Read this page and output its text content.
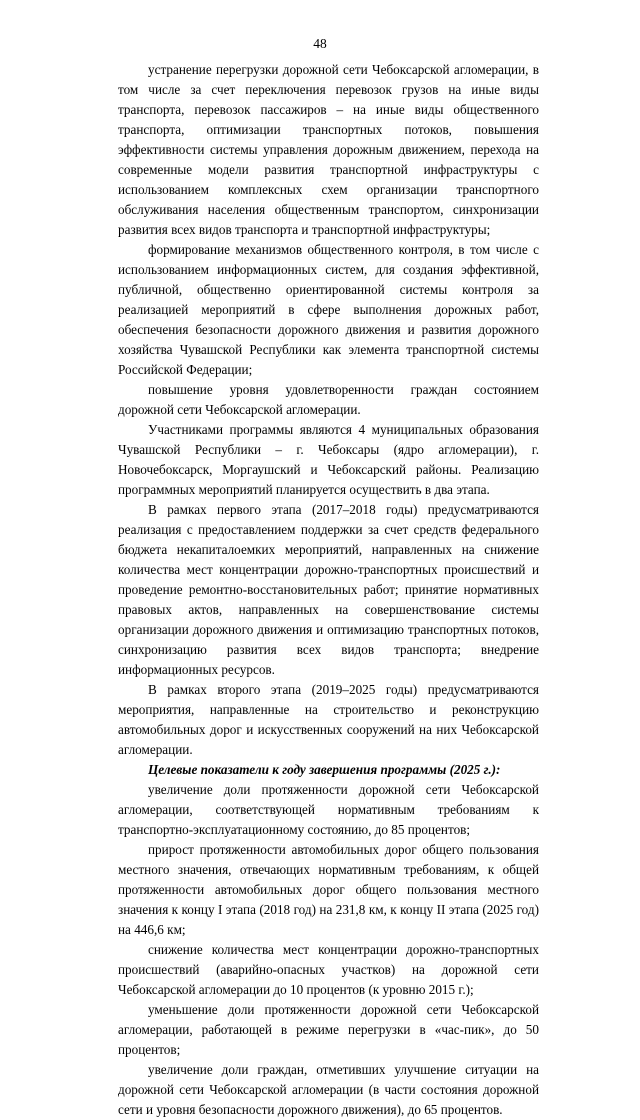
48

устранение перегрузки дорожной сети Чебоксарской агломерации, в том числе за счет переключения перевозок грузов на иные виды транспорта, перевозок пассажиров – на иные виды общественного транспорта, оптимизации транспортных потоков, повышения эффективности системы управления дорожным движением, перехода на современные модели развития транспортной инфраструктуры с использованием комплексных схем организации транспортного обслуживания населения общественным транспортом, синхронизации развития всех видов транспорта и транспортной инфраструктуры;

формирование механизмов общественного контроля, в том числе с использованием информационных систем, для создания эффективной, публичной, общественно ориентированной системы контроля за реализацией мероприятий в сфере выполнения дорожных работ, обеспечения безопасности дорожного движения и развития дорожного хозяйства Чувашской Республики как элемента транспортной системы Российской Федерации;

повышение уровня удовлетворенности граждан состоянием дорожной сети Чебоксарской агломерации.

Участниками программы являются 4 муниципальных образования Чувашской Республики – г. Чебоксары (ядро агломерации), г. Новочебоксарск, Моргаушский и Чебоксарский районы. Реализацию программных мероприятий планируется осуществить в два этапа.

В рамках первого этапа (2017–2018 годы) предусматриваются реализация с предоставлением поддержки за счет средств федерального бюджета некапиталоемких мероприятий, направленных на снижение количества мест концентрации дорожно-транспортных происшествий и проведение ремонтно-восстановительных работ; принятие нормативных правовых актов, направленных на совершенствование системы организации дорожного движения и оптимизацию транспортных потоков, синхронизацию развития всех видов транспорта; внедрение информационных ресурсов.

В рамках второго этапа (2019–2025 годы) предусматриваются мероприятия, направленные на строительство и реконструкцию автомобильных дорог и искусственных сооружений на них Чебоксарской агломерации.

Целевые показатели к году завершения программы (2025 г.):

увеличение доли протяженности дорожной сети Чебоксарской агломерации, соответствующей нормативным требованиям к транспортно-эксплуатационному состоянию, до 85 процентов;

прирост протяженности автомобильных дорог общего пользования местного значения, отвечающих нормативным требованиям, к общей протяженности автомобильных дорог общего пользования местного значения к концу I этапа (2018 год) на 231,8 км, к концу II этапа (2025 год) на 446,6 км;

снижение количества мест концентрации дорожно-транспортных происшествий (аварийно-опасных участков) на дорожной сети Чебоксарской агломерации до 10 процентов (к уровню 2015 г.);

уменьшение доли протяженности дорожной сети Чебоксарской агломерации, работающей в режиме перегрузки в «час-пик», до 50 процентов;

увеличение доли граждан, отметивших улучшение ситуации на дорожной сети Чебоксарской агломерации (в части состояния дорожной сети и уровня безопасности дорожного движения), до 65 процентов.
